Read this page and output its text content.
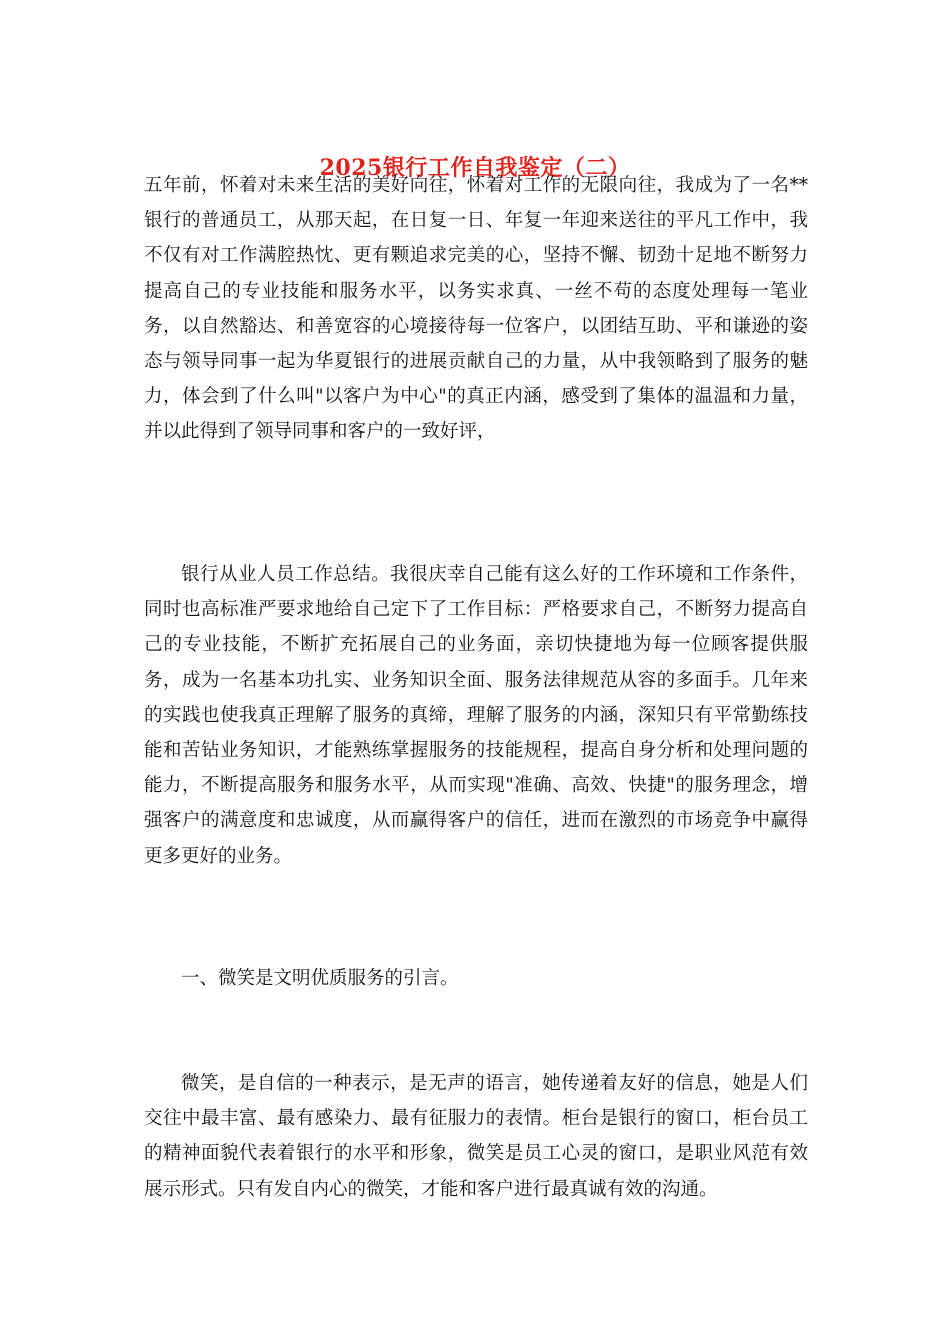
2025银行工作自我鉴定（二）

五年前，怀着对未来生活的美好向往，怀着对工作的无限向往，我成为了一名**银行的普通员工，从那天起，在日复一日、年复一年迎来送往的平凡工作中，我不仅有对工作满腔热忱、更有颗追求完美的心，坚持不懈、韧劲十足地不断努力提高自己的专业技能和服务水平，以务实求真、一丝不苟的态度处理每一笔业务，以自然豁达、和善宽容的心境接待每一位客户，以团结互助、平和谦逊的姿态与领导同事一起为华夏银行的进展贡献自己的力量，从中我领略到了服务的魅力，体会到了什么叫"以客户为中心"的真正内涵，感受到了集体的温温和力量，并以此得到了领导同事和客户的一致好评，

银行从业人员工作总结。我很庆幸自己能有这么好的工作环境和工作条件，同时也高标准严要求地给自己定下了工作目标：严格要求自己，不断努力提高自己的专业技能，不断扩充拓展自己的业务面，亲切快捷地为每一位顾客提供服务，成为一名基本功扎实、业务知识全面、服务法律规范从容的多面手。几年来的实践也使我真正理解了服务的真缔，理解了服务的内涵，深知只有平常勤练技能和苦钻业务知识，才能熟练掌握服务的技能规程，提高自身分析和处理问题的能力，不断提高服务和服务水平，从而实现"准确、高效、快捷"的服务理念，增强客户的满意度和忠诚度，从而赢得客户的信任，进而在激烈的市场竞争中赢得更多更好的业务。

一、微笑是文明优质服务的引言。

微笑，是自信的一种表示，是无声的语言，她传递着友好的信息，她是人们交往中最丰富、最有感染力、最有征服力的表情。柜台是银行的窗口，柜台员工的精神面貌代表着银行的水平和形象，微笑是员工心灵的窗口，是职业风范有效展示形式。只有发自内心的微笑，才能和客户进行最真诚有效的沟通。
